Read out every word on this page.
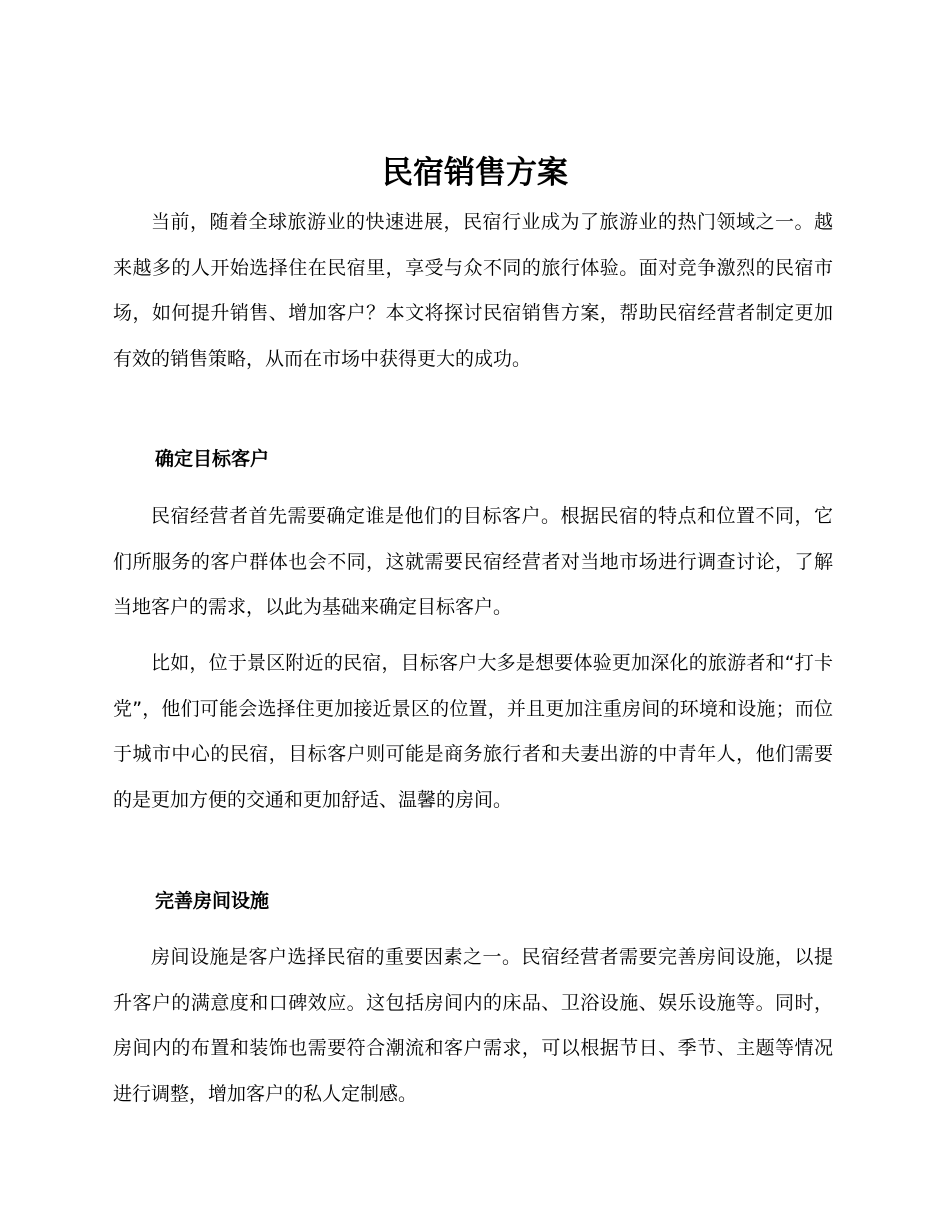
民宿销售方案

当前，随着全球旅游业的快速进展，民宿行业成为了旅游业的热门领域之一。越来越多的人开始选择住在民宿里，享受与众不同的旅行体验。面对竞争激烈的民宿市场，如何提升销售、增加客户？本文将探讨民宿销售方案，帮助民宿经营者制定更加有效的销售策略，从而在市场中获得更大的成功。

确定目标客户

民宿经营者首先需要确定谁是他们的目标客户。根据民宿的特点和位置不同，它们所服务的客户群体也会不同，这就需要民宿经营者对当地市场进行调查讨论，了解当地客户的需求，以此为基础来确定目标客户。

比如，位于景区附近的民宿，目标客户大多是想要体验更加深化的旅游者和“打卡党”，他们可能会选择住更加接近景区的位置，并且更加注重房间的环境和设施；而位于城市中心的民宿，目标客户则可能是商务旅行者和夫妻出游的中青年人，他们需要的是更加方便的交通和更加舒适、温馨的房间。

完善房间设施

房间设施是客户选择民宿的重要因素之一。民宿经营者需要完善房间设施，以提升客户的满意度和口碑效应。这包括房间内的床品、卫浴设施、娱乐设施等。同时，房间内的布置和装饰也需要符合潮流和客户需求，可以根据节日、季节、主题等情况进行调整，增加客户的私人定制感。
